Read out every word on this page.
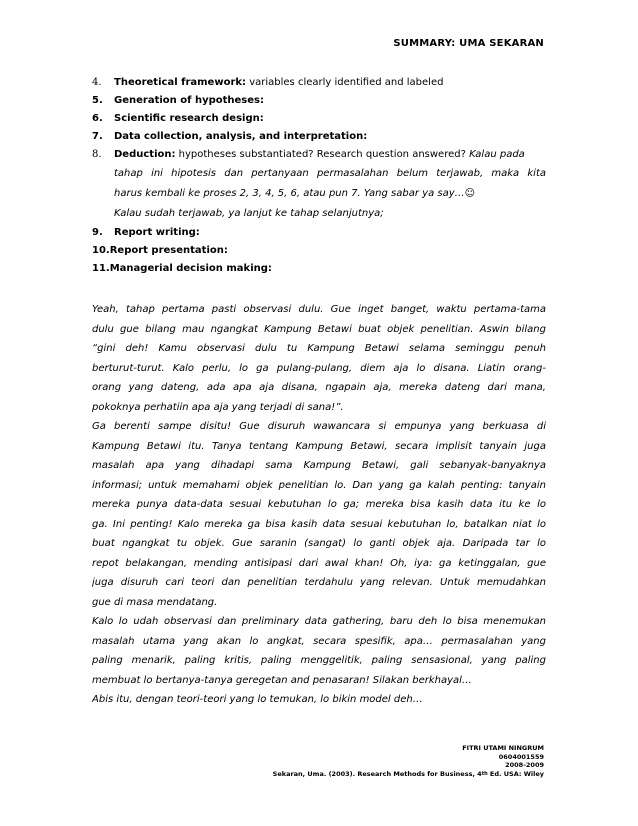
SUMMARY: UMA SEKARAN
4.	Theoretical framework: variables clearly identified and labeled
5.	Generation of hypotheses:
6.	Scientific research design:
7.	Data collection, analysis, and interpretation:
8.	Deduction: hypotheses substantiated? Research question answered? Kalau pada
tahap ini hipotesis dan pertanyaan permasalahan belum terjawab, maka kita
harus kembali ke proses 2, 3, 4, 5, 6, atau pun 7. Yang sabar ya say…☺
Kalau sudah terjawab, ya lanjut ke tahap selanjutnya;
9.	Report writing:
10. Report presentation:
11. Managerial decision making:
Yeah, tahap pertama pasti observasi dulu. Gue inget banget, waktu pertama-tama
dulu gue bilang mau ngangkat Kampung Betawi buat objek penelitian. Aswin bilang
“gini deh! Kamu observasi dulu tu Kampung Betawi selama seminggu penuh
berturut-turut. Kalo perlu, lo ga pulang-pulang, diem aja lo disana. Liatin orang-
orang yang dateng, ada apa aja disana, ngapain aja, mereka dateng dari mana,
pokoknya perhatiin apa aja yang terjadi di sana!”.
Ga berenti sampe disitu! Gue disuruh wawancara si empunya yang berkuasa di
Kampung Betawi itu. Tanya tentang Kampung Betawi, secara implisit tanyain juga
masalah apa yang dihadapi sama Kampung Betawi, gali sebanyak-banyaknya
informasi; untuk memahami objek penelitian lo. Dan yang ga kalah penting: tanyain
mereka punya data-data sesuai kebutuhan lo ga; mereka bisa kasih data itu ke lo
ga. Ini penting! Kalo mereka ga bisa kasih data sesuai kebutuhan lo, batalkan niat lo
buat ngangkat tu objek. Gue saranin (sangat) lo ganti objek aja. Daripada tar lo
repot belakangan, mending antisipasi dari awal khan! Oh, iya: ga ketinggalan, gue
juga disuruh cari teori dan penelitian terdahulu yang relevan. Untuk memudahkan
gue di masa mendatang.
Kalo lo udah observasi dan preliminary data gathering, baru deh lo bisa menemukan
masalah utama yang akan lo angkat, secara spesifik, apa… permasalahan yang
paling menarik, paling kritis, paling menggelitik, paling sensasional, yang paling
membuat lo bertanya-tanya geregetan and penasaran! Silakan berkhayal…
Abis itu, dengan teori-teori yang lo temukan, lo bikin model deh…
FITRI UTAMI NINGRUM
0604001559
2008-2009
Sekaran, Uma. (2003). Research Methods for Business, 4th Ed. USA: Wiley
